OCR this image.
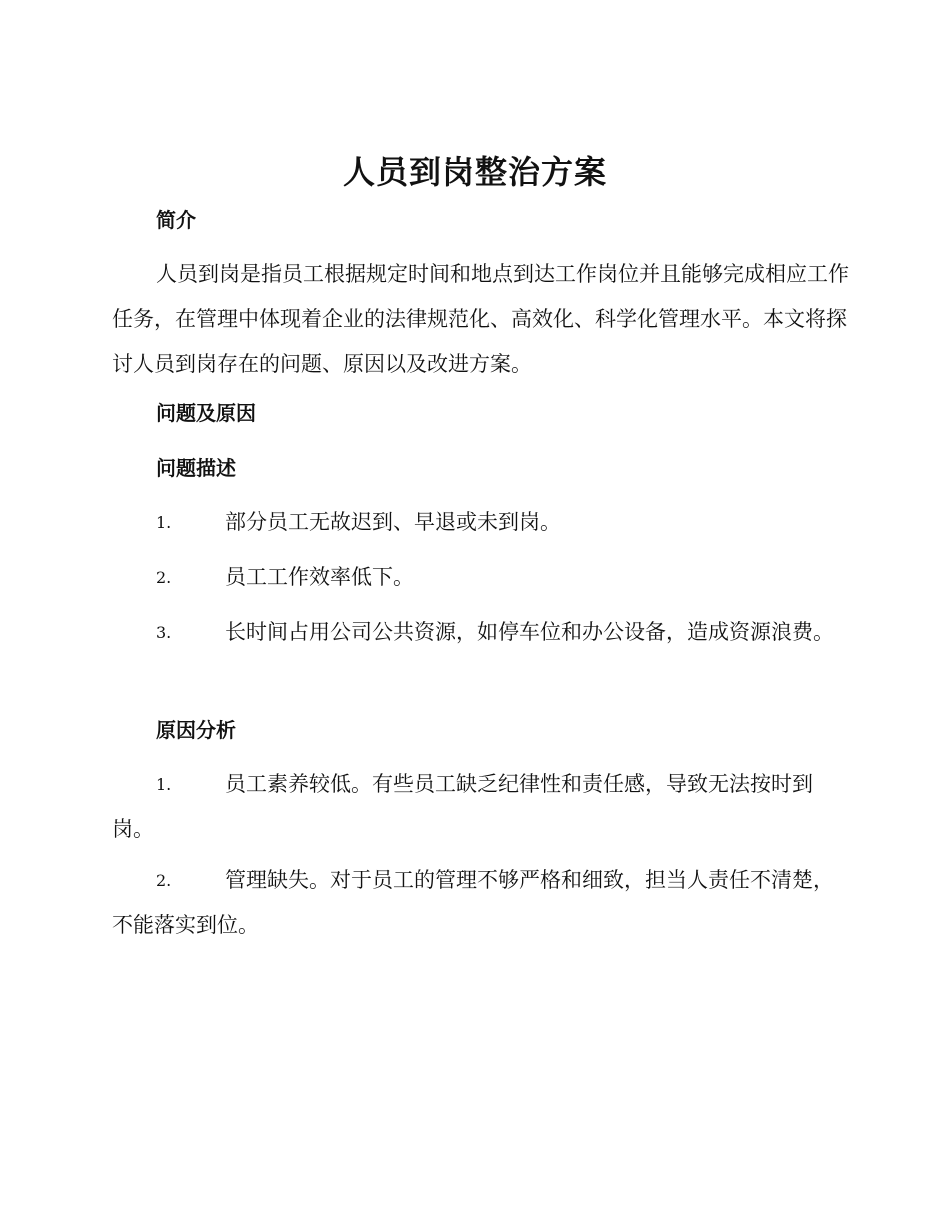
人员到岗整治方案
简介

人员到岗是指员工根据规定时间和地点到达工作岗位并且能够完成相应工作任务，在管理中体现着企业的法律规范化、高效化、科学化管理水平。本文将探讨人员到岗存在的问题、原因以及改进方案。

问题及原因
问题描述

1.	部分员工无故迟到、早退或未到岗。

2.	员工工作效率低下。

3.	长时间占用公司公共资源，如停车位和办公设备，造成资源浪费。

原因分析

1.	员工素养较低。有些员工缺乏纪律性和责任感，导致无法按时到岗。

2.	管理缺失。对于员工的管理不够严格和细致，担当人责任不清楚，不能落实到位。
